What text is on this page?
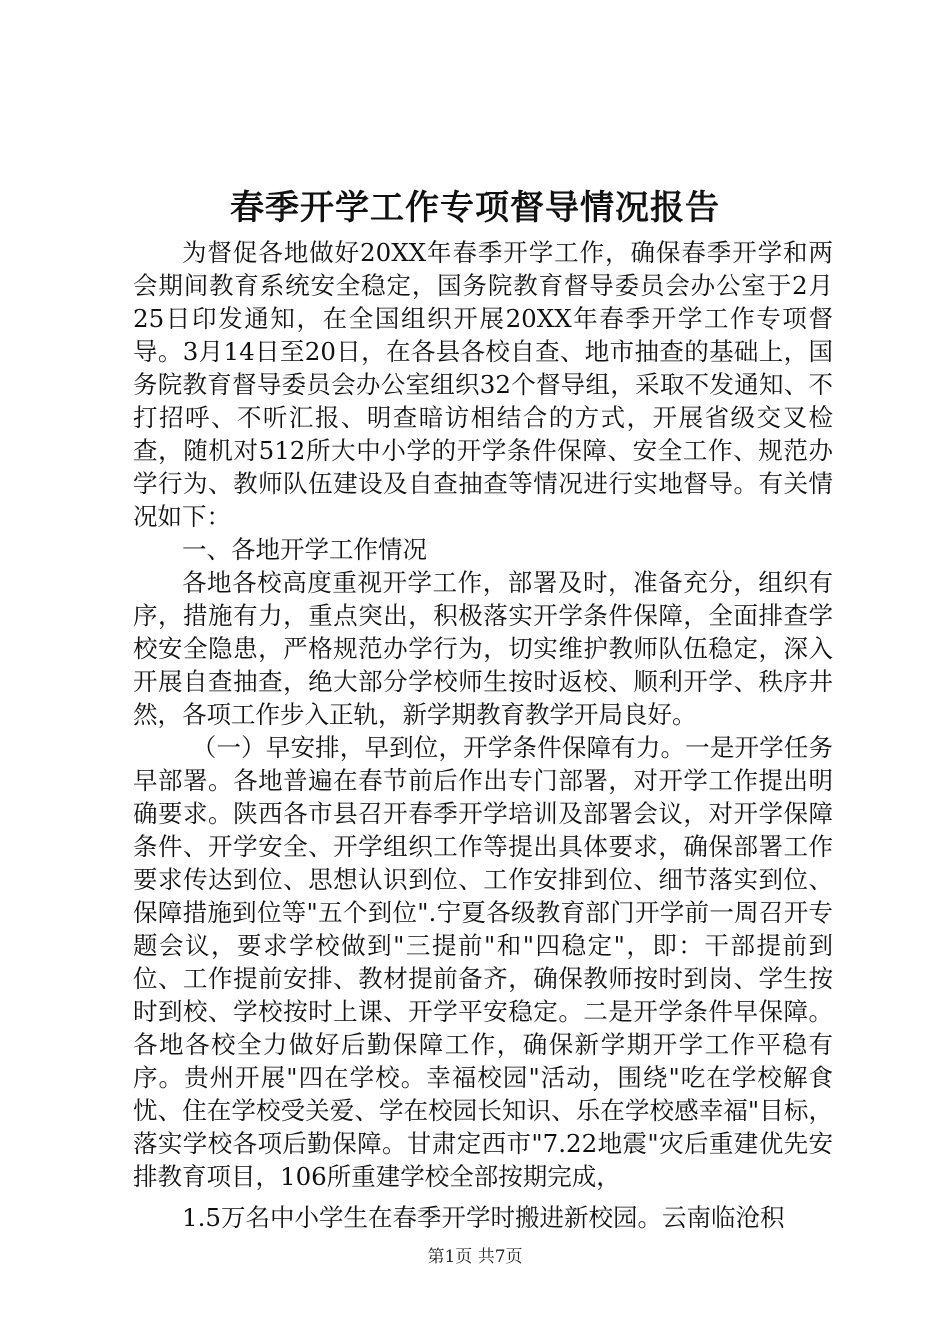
春季开学工作专项督导情况报告

为督促各地做好20XX年春季开学工作，确保春季开学和两会期间教育系统安全稳定，国务院教育督导委员会办公室于2月25日印发通知，在全国组织开展20XX年春季开学工作专项督导。3月14日至20日，在各县各校自查、地市抽查的基础上，国务院教育督导委员会办公室组织32个督导组，采取不发通知、不打招呼、不听汇报、明查暗访相结合的方式，开展省级交叉检查，随机对512所大中小学的开学条件保障、安全工作、规范办学行为、教师队伍建设及自查抽查等情况进行实地督导。有关情况如下：

一、各地开学工作情况

各地各校高度重视开学工作，部署及时，准备充分，组织有序，措施有力，重点突出，积极落实开学条件保障，全面排查学校安全隐患，严格规范办学行为，切实维护教师队伍稳定，深入开展自查抽查，绝大部分学校师生按时返校、顺利开学、秩序井然，各项工作步入正轨，新学期教育教学开局良好。

（一）早安排，早到位，开学条件保障有力。一是开学任务早部署。各地普遍在春节前后作出专门部署，对开学工作提出明确要求。陕西各市县召开春季开学培训及部署会议，对开学保障条件、开学安全、开学组织工作等提出具体要求，确保部署工作要求传达到位、思想认识到位、工作安排到位、细节落实到位、保障措施到位等"五个到位".宁夏各级教育部门开学前一周召开专题会议，要求学校做到"三提前"和"四稳定"，即：干部提前到位、工作提前安排、教材提前备齐，确保教师按时到岗、学生按时到校、学校按时上课、开学平安稳定。二是开学条件早保障。各地各校全力做好后勤保障工作，确保新学期开学工作平稳有序。贵州开展"四在学校。幸福校园"活动，围绕"吃在学校解食忧、住在学校受关爱、学在校园长知识、乐在学校感幸福"目标，落实学校各项后勤保障。甘肃定西市"7.22地震"灾后重建优先安排教育项目，106所重建学校全部按期完成，

1.5万名中小学生在春季开学时搬进新校园。云南临沧积

第1页 共7页
